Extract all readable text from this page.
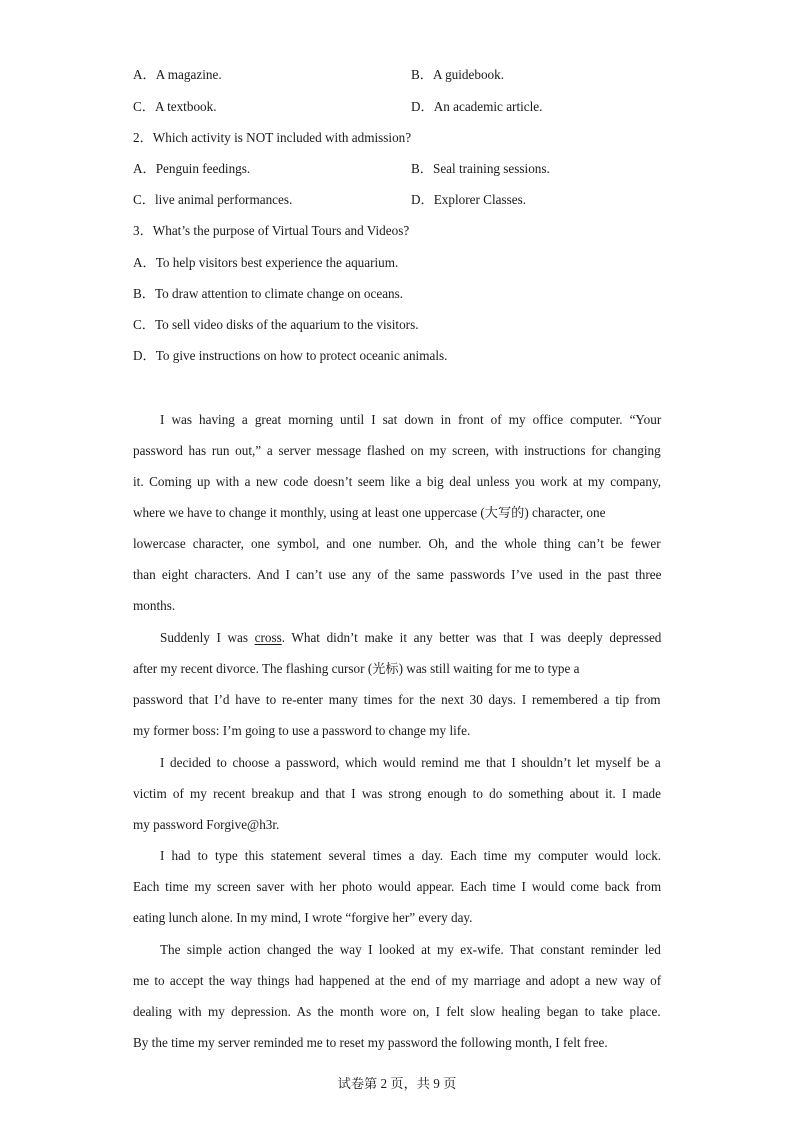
A．A magazine.	B．A guidebook.
C．A textbook.	D．An academic article.
2．Which activity is NOT included with admission?
A．Penguin feedings.	B．Seal training sessions.
C．live animal performances.	D．Explorer Classes.
3．What’s the purpose of Virtual Tours and Videos?
A．To help visitors best experience the aquarium.
B．To draw attention to climate change on oceans.
C．To sell video disks of the aquarium to the visitors.
D．To give instructions on how to protect oceanic animals.
I was having a great morning until I sat down in front of my office computer. “Your
password has run out,” a server message flashed on my screen, with instructions for changing
it. Coming up with a new code doesn’t seem like a big deal unless you work at my company,
where we have to change it monthly, using at least one uppercase (大写的) character, one
lowercase character, one symbol, and one number. Oh, and the whole thing can’t be fewer
than eight characters. And I can’t use any of the same passwords I’ve used in the past three
months.
Suddenly I was cross. What didn’t make it any better was that I was deeply depressed
after my recent divorce. The flashing cursor (光标) was still waiting for me to type a
password that I’d have to re-enter many times for the next 30 days. I remembered a tip from
my former boss: I’m going to use a password to change my life.
I decided to choose a password, which would remind me that I shouldn’t let myself be a
victim of my recent breakup and that I was strong enough to do something about it. I made
my password Forgive@h3r.
I had to type this statement several times a day. Each time my computer would lock.
Each time my screen saver with her photo would appear. Each time I would come back from
eating lunch alone. In my mind, I wrote “forgive her” every day.
The simple action changed the way I looked at my ex-wife. That constant reminder led
me to accept the way things had happened at the end of my marriage and adopt a new way of
dealing with my depression. As the month wore on, I felt slow healing began to take place.
By the time my server reminded me to reset my password the following month, I felt free.
试卷第 2 页，共 9 页
